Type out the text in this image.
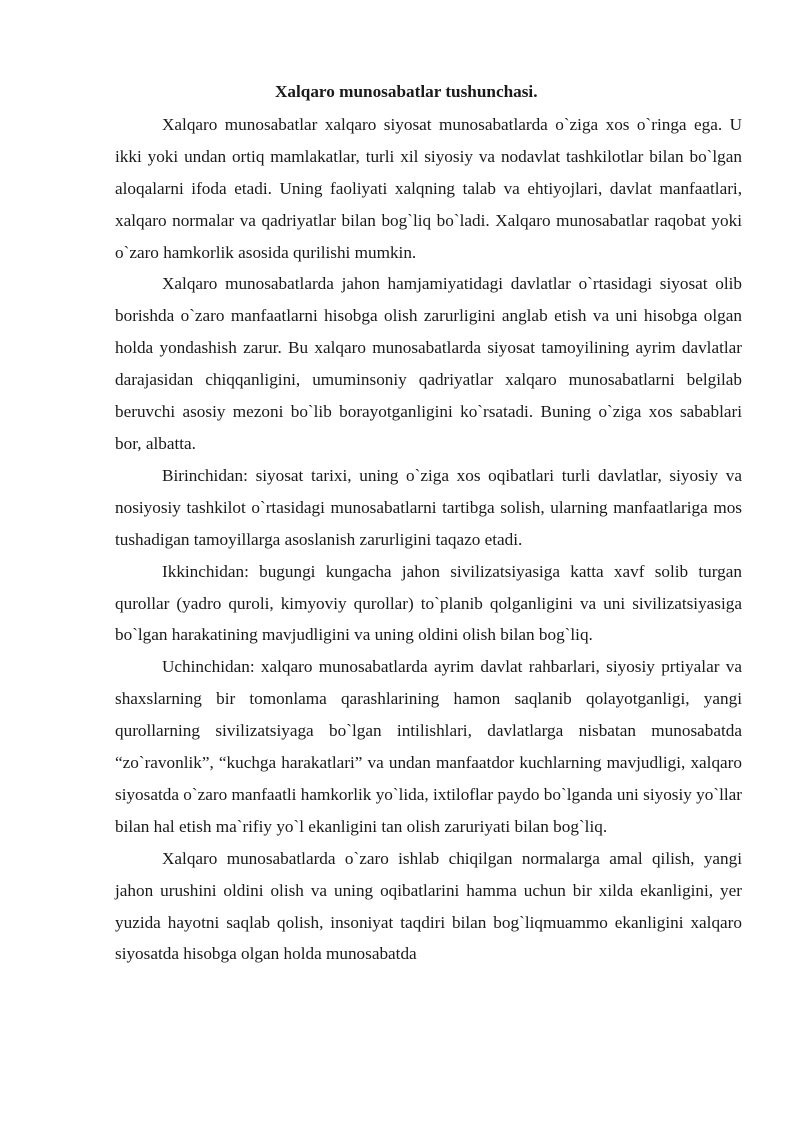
Xalqaro munosabatlar tushunchasi.

Xalqaro munosabatlar xalqaro siyosat munosabatlarda o`ziga xos o`ringa ega. U ikki yoki undan ortiq mamlakatlar, turli xil siyosiy va nodavlat tashkilotlar bilan bo`lgan aloqalarni ifoda etadi. Uning faoliyati xalqning talab va ehtiyojlari, davlat manfaatlari, xalqaro normalar va qadriyatlar bilan bog`liq bo`ladi. Xalqaro munosabatlar raqobat yoki o`zaro hamkorlik asosida qurilishi mumkin.

Xalqaro munosabatlarda jahon hamjamiyatidagi davlatlar o`rtasidagi siyosat olib borishda o`zaro manfaatlarni hisobga olish zarurligini anglab etish va uni hisobga olgan holda yondashish zarur. Bu xalqaro munosabatlarda siyosat tamoyilining ayrim davlatlar darajasidan chiqqanligini, umuminsoniy qadriyatlar xalqaro munosabatlarni belgilab beruvchi asosiy mezoni bo`lib borayotganligini ko`rsatadi. Buning o`ziga xos sabablari bor, albatta.

Birinchidan: siyosat tarixi, uning o`ziga xos oqibatlari turli davlatlar, siyosiy va nosiyosiy tashkilot o`rtasidagi munosabatlarni tartibga solish, ularning manfaatlariga mos tushadigan tamoyillarga asoslanish zarurligini taqazo etadi.

Ikkinchidan: bugungi kungacha jahon sivilizatsiyasiga katta xavf solib turgan qurollar (yadro quroli, kimyoviy qurollar) to`planib qolganligini va uni sivilizatsiyasiga bo`lgan harakatining mavjudligini va uning oldini olish bilan bog`liq.

Uchinchidan: xalqaro munosabatlarda ayrim davlat rahbarlari, siyosiy prtiyalar va shaxslarning bir tomonlama qarashlarining hamon saqlanib qolayotganligi, yangi qurollarning sivilizatsiyaga bo`lgan intilishlari, davlatlarga nisbatan munosabatda “zo`ravonlik”, “kuchga harakatlari” va undan manfaatdor kuchlarning mavjudligi, xalqaro siyosatda o`zaro manfaatli hamkorlik yo`lida, ixtiloflar paydo bo`lganda uni siyosiy yo`llar bilan hal etish ma`rifiy yo`l ekanligini tan olish zaruriyati bilan bog`liq.

Xalqaro munosabatlarda o`zaro ishlab chiqilgan normalarga amal qilish, yangi jahon urushini oldini olish va uning oqibatlarini hamma uchun bir xilda ekanligini, yer yuzida hayotni saqlab qolish, insoniyat taqdiri bilan bog`liqmuammo ekanligini xalqaro siyosatda hisobga olgan holda munosabatda
